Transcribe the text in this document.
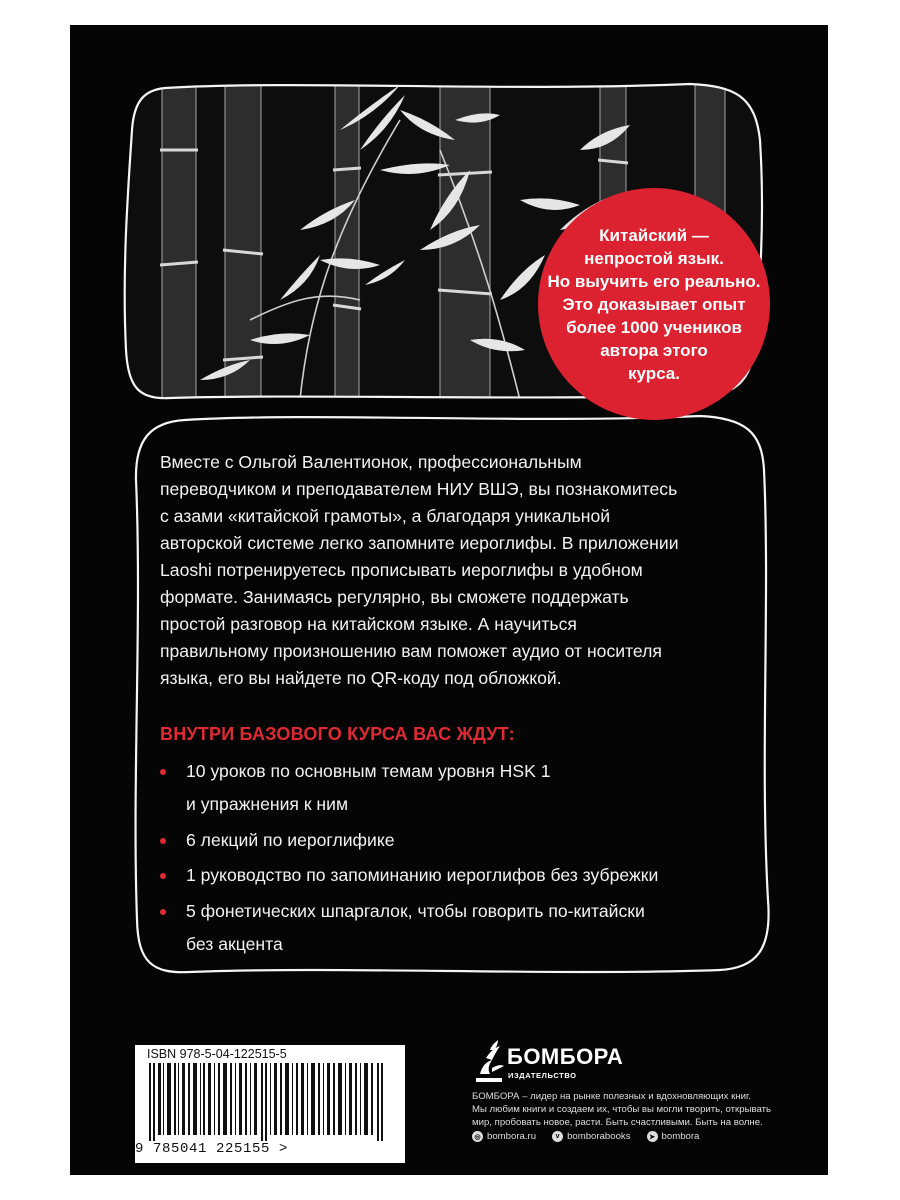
Китайский —
непростой язык.
Но выучить его реально.
Это доказывает опыт
более 1000 учеников
автора этого
курса.

Вместе с Ольгой Валентионок, профессиональным

переводчиком и преподавателем НИУ ВШЭ, вы познакомитесь

с азами «китайской грамоты», а благодаря уникальной

авторской системе легко запомните иероглифы. В приложении

Laoshi потренируетесь прописывать иероглифы в удобном

формате. Занимаясь регулярно, вы сможете поддержать

простой разговор на китайском языке. А научиться

правильному произношению вам поможет аудио от носителя

языка, его вы найдете по QR-коду под обложкой.

ВНУТРИ БАЗОВОГО КУРСА ВАС ЖДУТ:
10 уроков по основным темам уровня HSK 1
и упражнения к ним
6 лекций по иероглифике
1 руководство по запоминанию иероглифов без зубрежки
5 фонетических шпаргалок, чтобы говорить по-китайски
без акцента
ISBN 978-5-04-122515-5
9 785041 225155 >
БОМБОРА
ИЗДАТЕЛЬСТВО

БОМБОРА – лидер на рынке полезных и вдохновляющих книг.

Мы любим книги и создаем их, чтобы вы могли творить, открывать

мир, пробовать новое, расти. Быть счастливыми. Быть на волне.

◎ bombora.ru	v bomborabooks	➤ bombora
